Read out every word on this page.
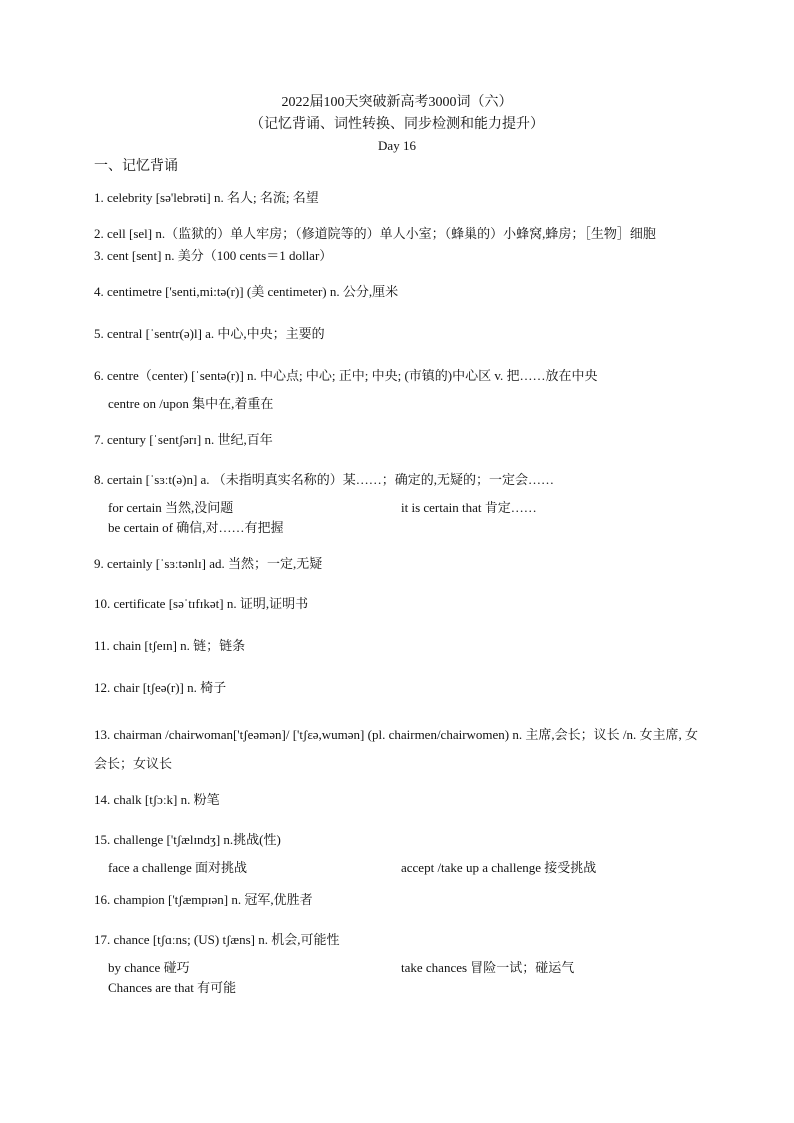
2022届100天突破新高考3000词（六）
（记忆背诵、词性转换、同步检测和能力提升）
Day 16
一、记忆背诵
1. celebrity [sə'lebrəti] n. 名人; 名流; 名望
2. cell [sel] n.（监狱的）单人牢房；（修道院等的）单人小室；（蜂巢的）小蜂窝,蜂房；［生物］细胞
3. cent [sent] n. 美分（100 cents＝1 dollar）
4. centimetre ['senti,mi:tə(r)] (美 centimeter) n. 公分,厘米
5. central [ˈsentr(ə)l] a. 中心,中央；主要的
6. centre（center) [ˈsentə(r)] n. 中心点; 中心; 正中; 中央; (市镇的)中心区 v. 把……放在中央
centre on /upon 集中在,着重在
7. century [ˈsentʃərɪ] n. 世纪,百年
8. certain [ˈsɜːt(ə)n] a. （未指明真实名称的）某……；确定的,无疑的；一定会……
for certain 当然,没问题	it is certain that 肯定……
be certain of 确信,对……有把握
9. certainly [ˈsɜːtənlɪ] ad. 当然；一定,无疑
10. certificate [səˈtɪfɪkət] n. 证明,证明书
11. chain [tʃeɪn] n. 链；链条
12. chair [tʃeə(r)] n. 椅子
13. chairman /chairwoman['tʃeəmən]/ ['tʃɛə,wumən] (pl. chairmen/chairwomen) n. 主席,会长；议长 /n. 女主席, 女会长；女议长
14. chalk [tʃɔːk] n. 粉笔
15. challenge ['tʃælɪndʒ] n.挑战(性)
face a challenge 面对挑战	accept /take up a challenge 接受挑战
16. champion ['tʃæmpɪən] n. 冠军,优胜者
17. chance [tʃɑːns; (US) tʃæns] n. 机会,可能性
by chance 碰巧	take chances 冒险一试；碰运气
Chances are that 有可能
